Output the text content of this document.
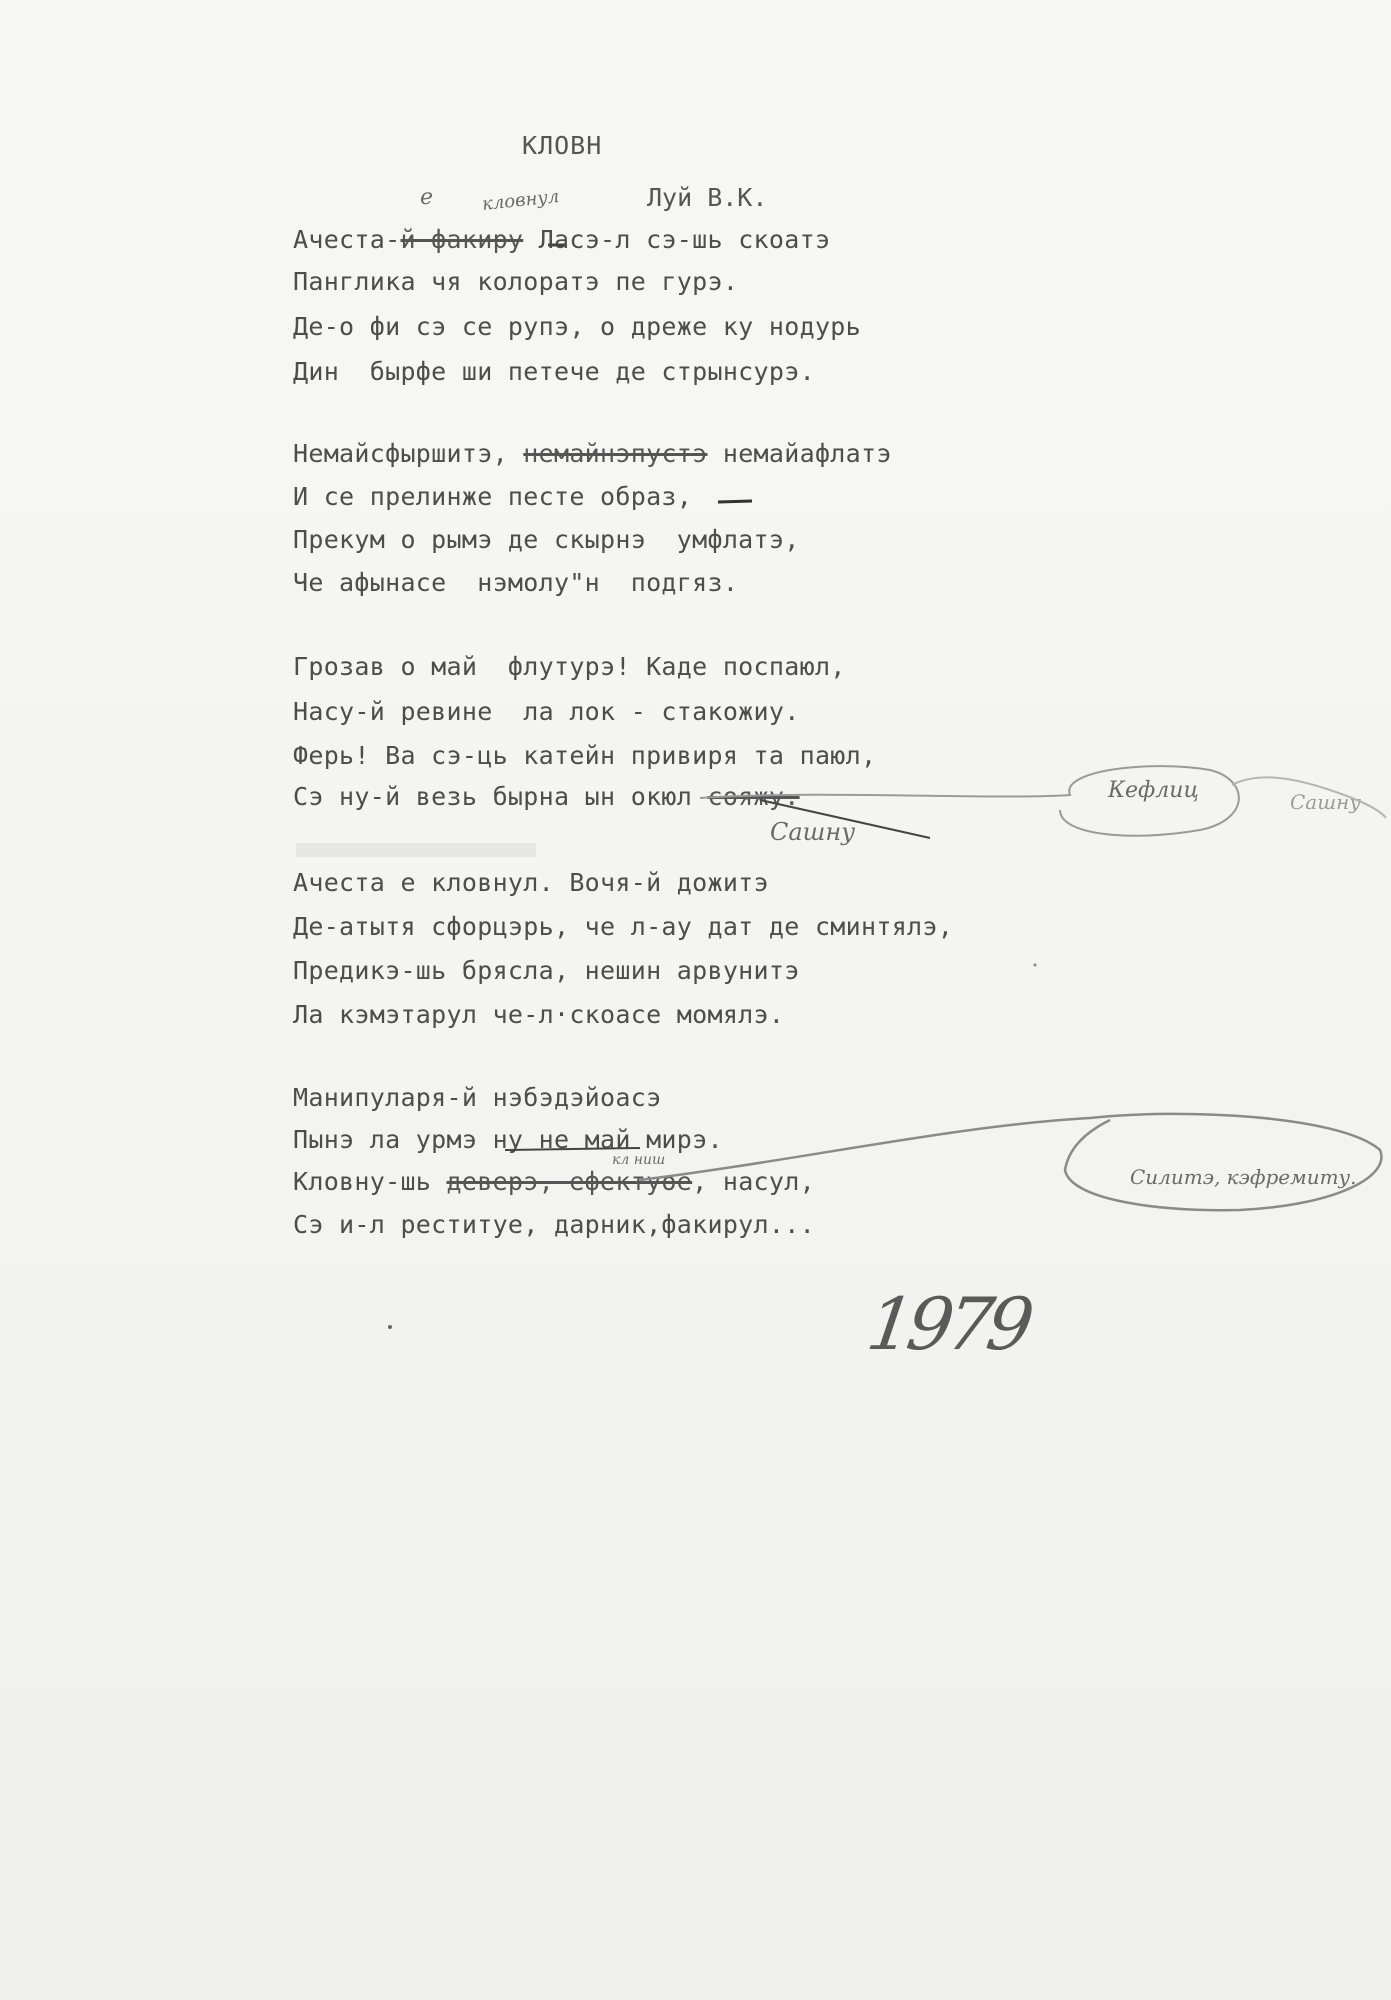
КЛОВН
Луй В.К.
е	кловнул
Ачеста-й факиру Ласэ-л сэ-шь скоатэ
Панглика чя колоратэ пе гурэ.
Де-о фи сэ се рупэ, о дреже ку нодурь
Дин  бырфе ши петече де стрынсурэ.
Немайсфыршитэ, немайнэпустэ немайафлатэ
И се прелинже песте образ,
Прекум о рымэ де скырнэ  умфлатэ,
Че афынасе  нэмолу"н  подгяз.
Грозав о май  флутурэ! Каде поспаюл,
Насу-й ревине  ла лок - стакожиу.
Ферь! Ва сэ-ць катейн привиря та паюл,
Сэ ну-й везь бырна ын окюл сояжу.
Сашну
Ачеста е кловнул. Вочя-й дожитэ
Де-атытя сфорцэрь, че л-ау дат де сминтялэ,
Предикэ-шь брясла, нешин арвунитэ
Ла кэмэтарул че-л·скоасе момялэ.
Манипуларя-й нэбэдэйоасэ
Пынэ ла урмэ ну не май мирэ.
кл ниш
Кловну-шь деверэ, ефектуое, насул,
Сэ и-л реституе, дарник,факирул...
Кефлиц	Сашну
Силитэ, кэфремиту.
1979
